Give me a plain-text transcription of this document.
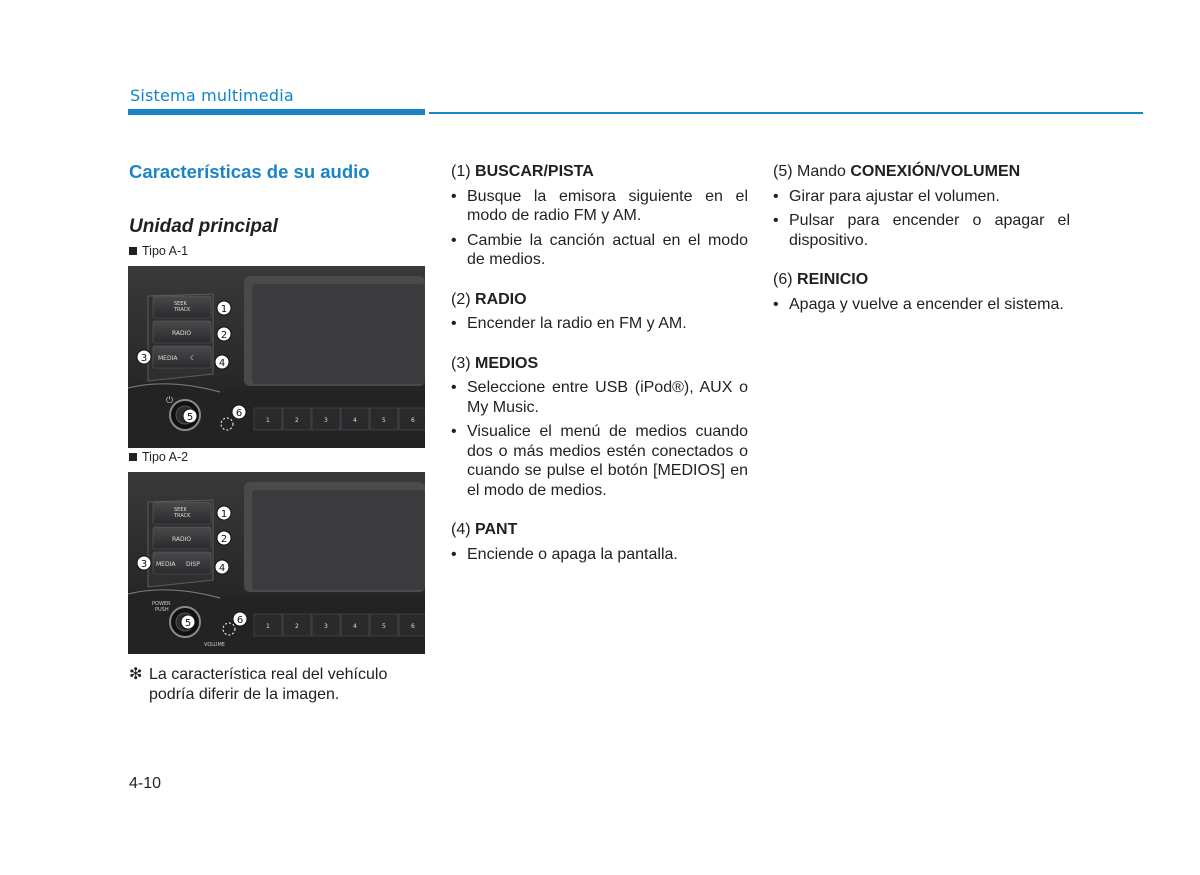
Sistema multimedia
Características de su audio
Unidad principal
Tipo A-1
SEEK
TRACK
RADIO
MEDIA ☾
⏻
1	2	3	4	5	6
1
2
3	4
5	6
Tipo A-2
SEEK
TRACK
RADIO
MEDIA DISP
POWER
PUSH
VOLUME
1	2	3	4	5	6
1
2
3	4
5	6
❇ La característica real del vehículo podría diferir de la imagen.
4-10
(1) BUSCAR/PISTA
• Busque la emisora siguiente en el modo de radio FM y AM.
• Cambie la canción actual en el modo de medios.
(2) RADIO
• Encender la radio en FM y AM.
(3) MEDIOS
• Seleccione entre USB (iPod®), AUX o My Music.
• Visualice el menú de medios cuando dos o más medios estén conectados o cuando se pulse el botón [MEDIOS] en el modo de medios.
(4) PANT
• Enciende o apaga la pantalla.
(5) Mando CONEXIÓN/VOLUMEN
• Girar para ajustar el volumen.
• Pulsar para encender o apagar el dispositivo.
(6) REINICIO
• Apaga y vuelve a encender el sistema.
